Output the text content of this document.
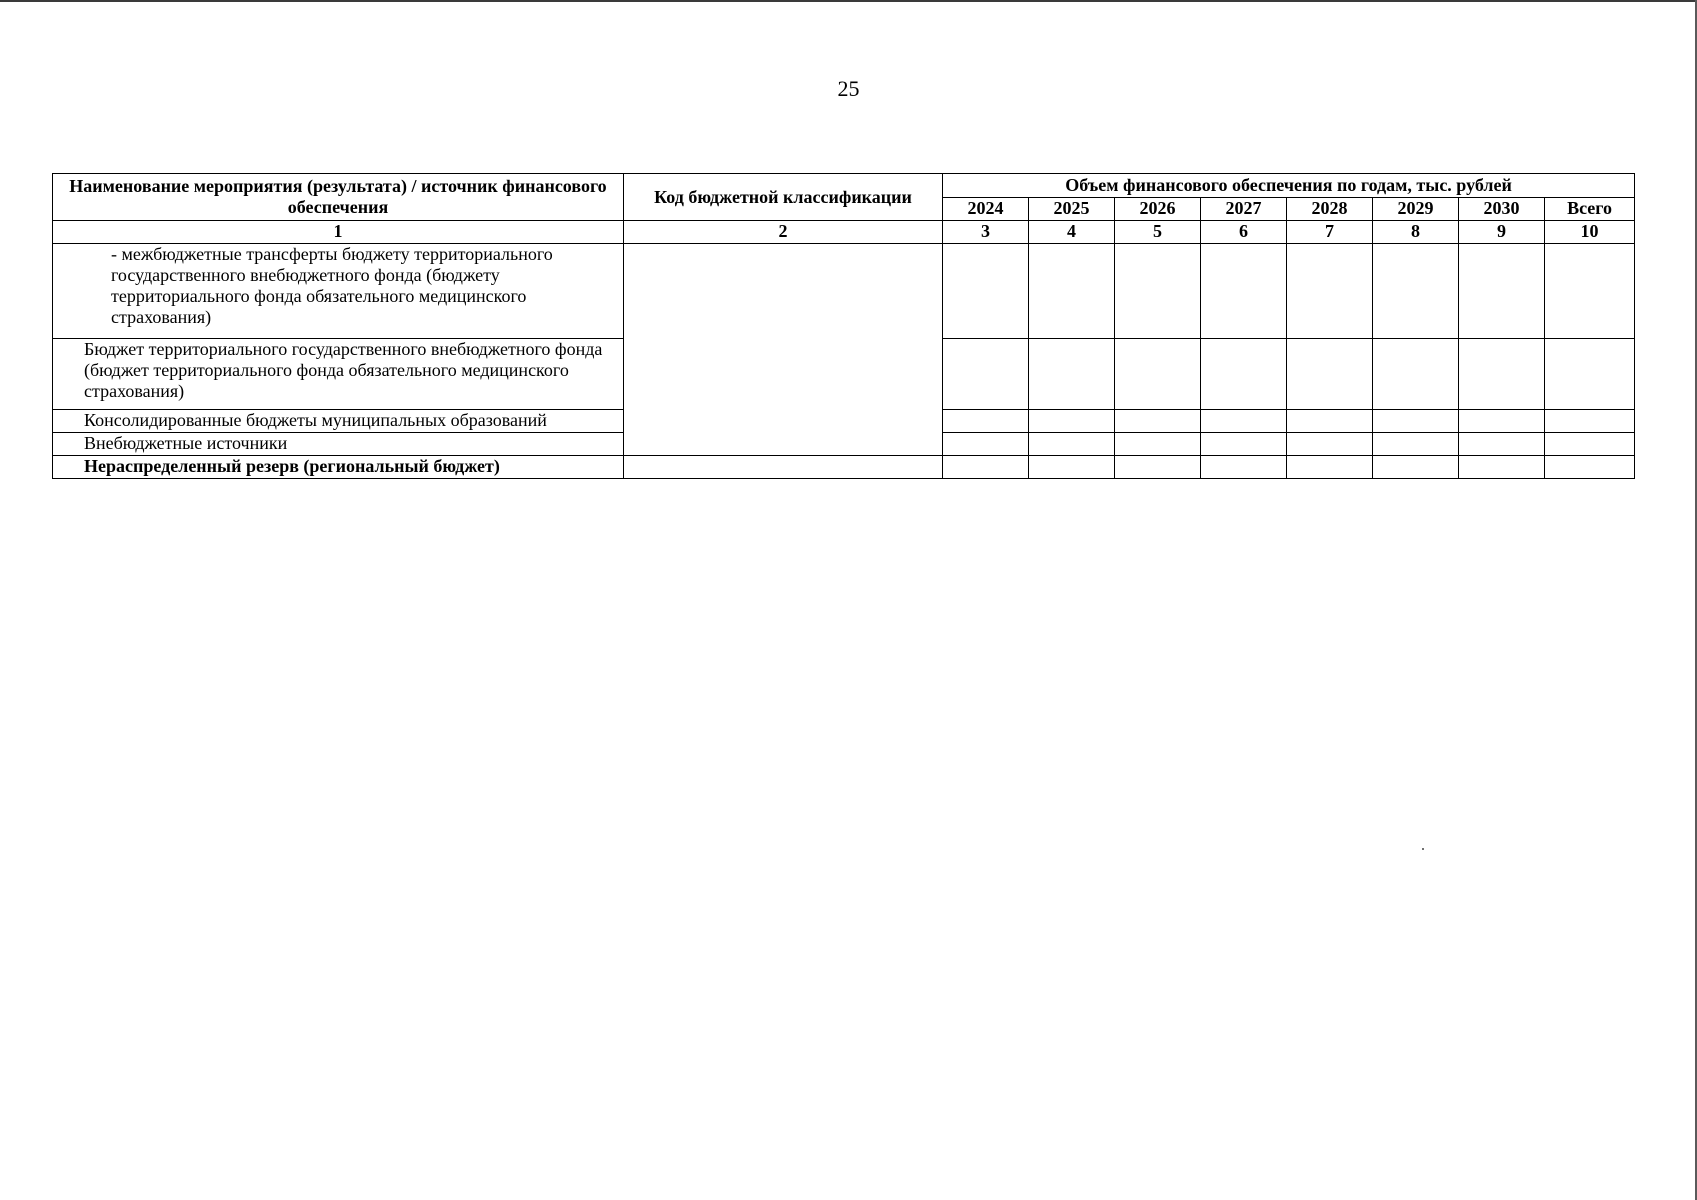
25
Наименование мероприятия (результата) / источник финансового обеспечения	Код бюджетной классификации	Объем финансового обеспечения по годам, тыс. рублей							
		2024	2025	2026	2027	2028	2029	2030	Всего
1	2	3	4	5	6	7	8	9	10
- межбюджетные трансферты бюджету территориального государственного внебюджетного фонда (бюджету территориального фонда обязательного медицинского страхования)									
Бюджет территориального государственного внебюджетного фонда (бюджет территориального фонда обязательного медицинского страхования)									
Консолидированные бюджеты муниципальных образований									
Внебюджетные источники									
Нераспределенный резерв (региональный бюджет)									
